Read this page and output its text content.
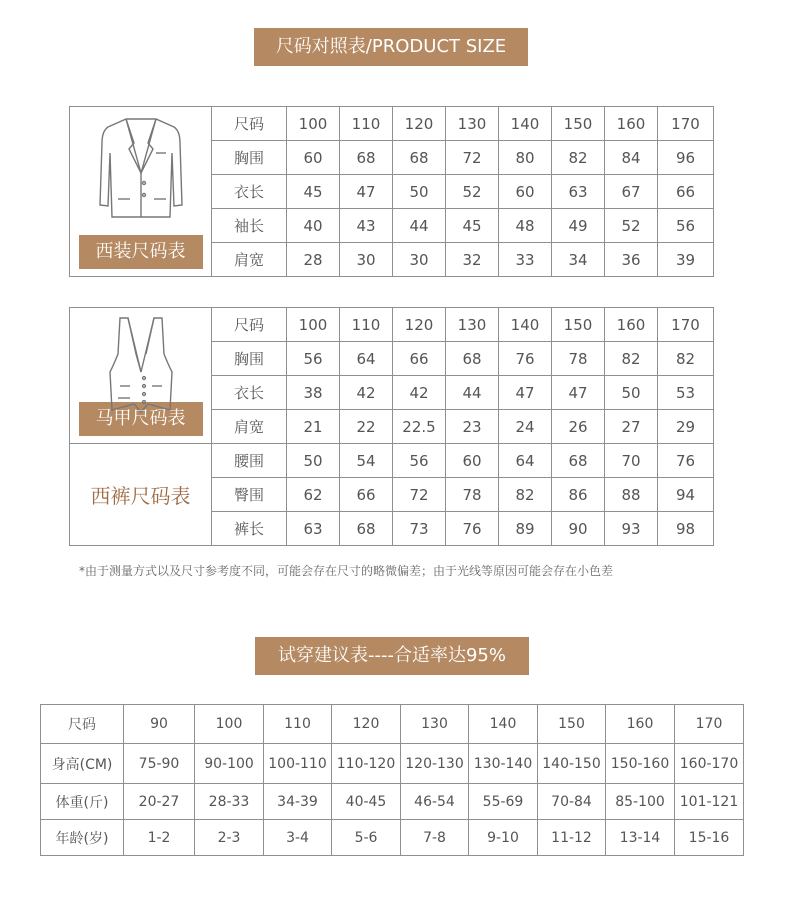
尺码对照表/PRODUCT SIZE
西装尺码表	尺码	100	110	120	130	140	150	160	170
	胸围	60	68	68	72	80	82	84	96
	衣长	45	47	50	52	60	63	67	66
	袖长	40	43	44	45	48	49	52	56
	肩宽	28	30	30	32	33	34	36	39
马甲尺码表	尺码	100	110	120	130	140	150	160	170
	胸围	56	64	66	68	76	78	82	82
	衣长	38	42	42	44	47	47	50	53
	肩宽	21	22	22.5	23	24	26	27	29
西裤尺码表	腰围	50	54	56	60	64	68	70	76
	臀围	62	66	72	78	82	86	88	94
	裤长	63	68	73	76	89	90	93	98
*由于测量方式以及尺寸参考度不同，可能会存在尺寸的略微偏差；由于光线等原因可能会存在小色差
试穿建议表----合适率达95%
尺码	90	100	110	120	130	140	150	160	170
身高(CM)	75-90	90-100	100-110	110-120	120-130	130-140	140-150	150-160	160-170
体重(斤)	20-27	28-33	34-39	40-45	46-54	55-69	70-84	85-100	101-121
年龄(岁)	1-2	2-3	3-4	5-6	7-8	9-10	11-12	13-14	15-16
